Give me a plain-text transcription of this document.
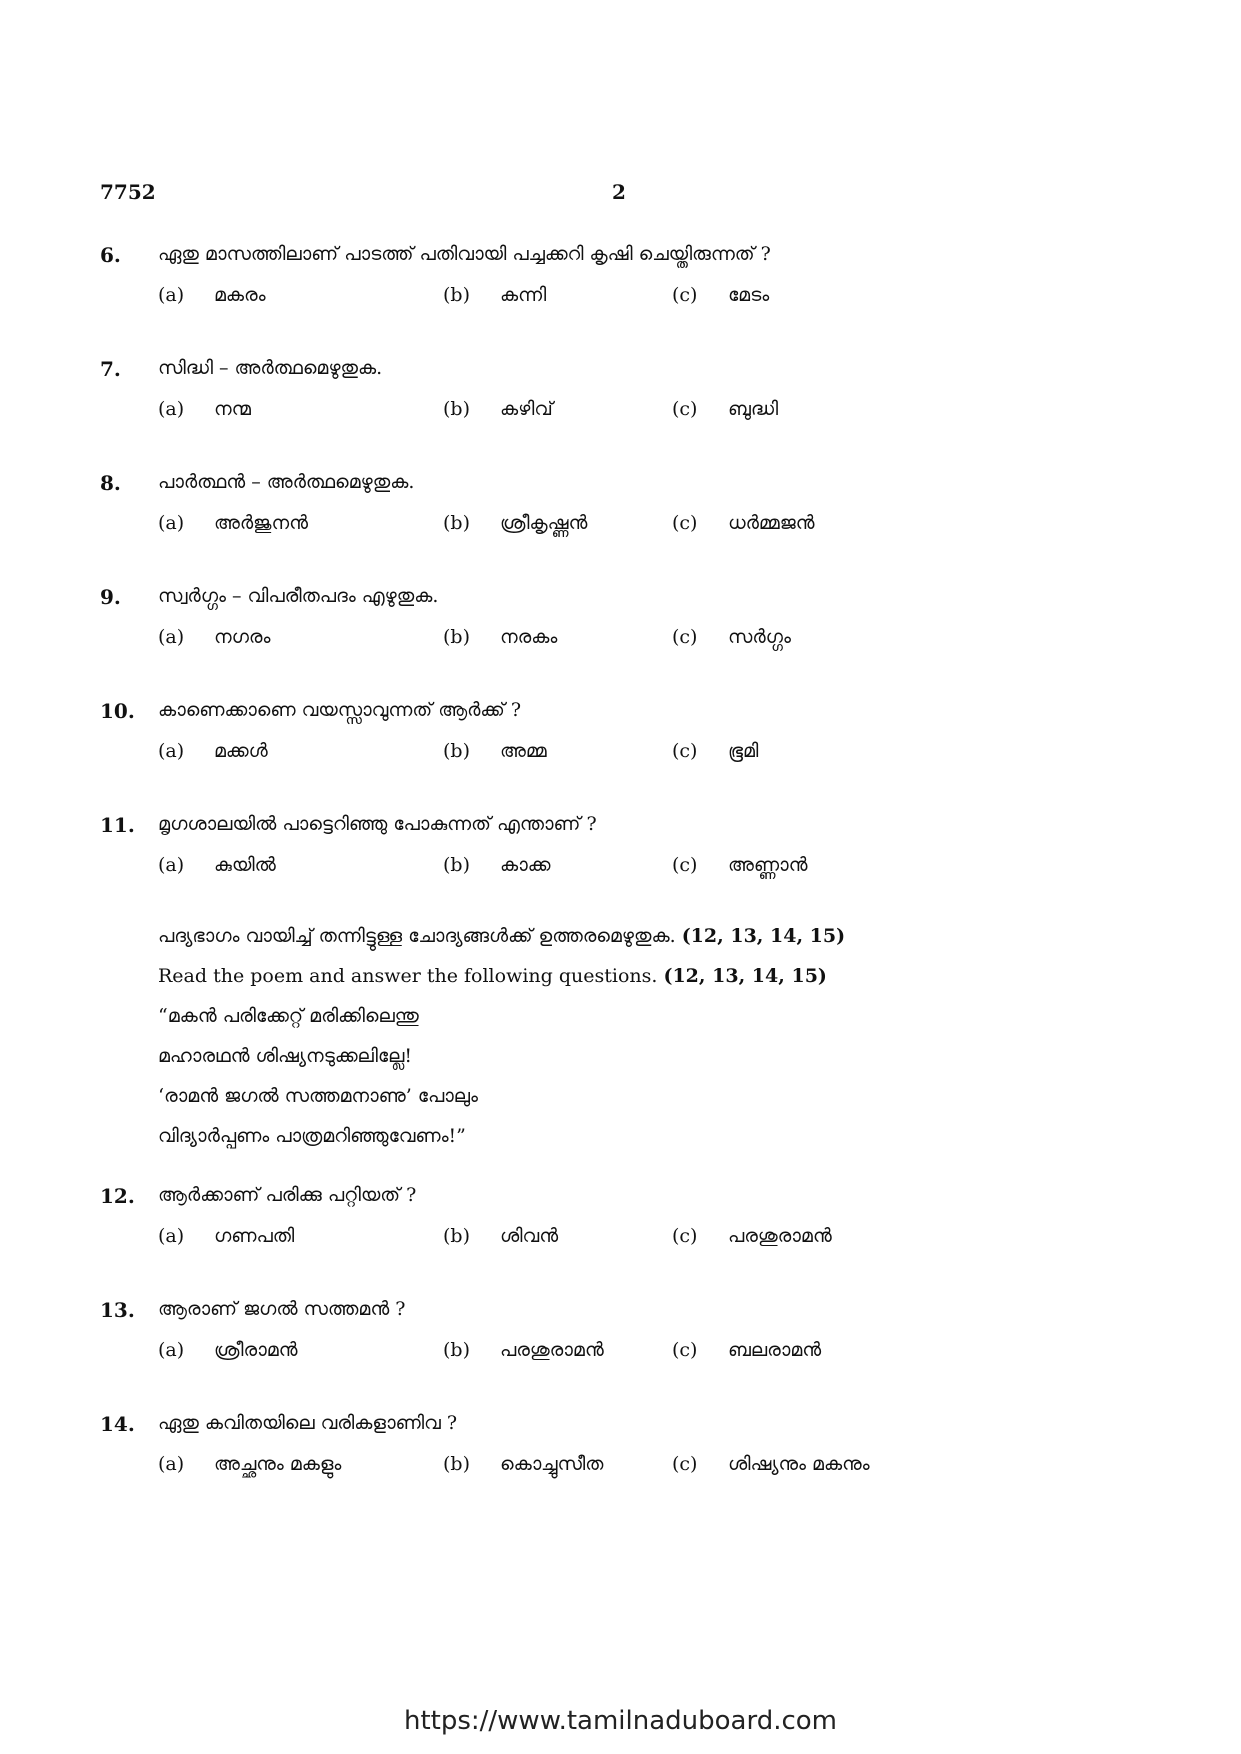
7752	2
6. ഏതു മാസത്തിലാണ് പാടത്ത് പതിവായി പച്ചക്കറി കൃഷി ചെയ്തിരുന്നത് ?
(a) മകരം	(b) കന്നി	(c) മേടം
7. സിദ്ധി – അർത്ഥമെഴുതുക.
(a) നന്മ	(b) കഴിവ്	(c) ബുദ്ധി
8. പാർത്ഥൻ – അർത്ഥമെഴുതുക.
(a) അർജുനൻ	(b) ശ്രീകൃഷ്ണൻ	(c) ധർമ്മജൻ
9. സ്വർഗ്ഗം – വിപരീതപദം എഴുതുക.
(a) നഗരം	(b) നരകം	(c) സർഗ്ഗം
10. കാണെക്കാണെ വയസ്സാവുന്നത് ആർക്ക് ?
(a) മക്കൾ	(b) അമ്മ	(c) ഭൂമി
11. മൃഗശാലയിൽ പാട്ടെറിഞ്ഞു പോകുന്നത് എന്താണ് ?
(a) കുയിൽ	(b) കാക്ക	(c) അണ്ണാൻ
പദ്യഭാഗം വായിച്ച് തന്നിട്ടുള്ള ചോദ്യങ്ങൾക്ക് ഉത്തരമെഴുതുക. (12, 13, 14, 15)
Read the poem and answer the following questions. (12, 13, 14, 15)
“മകൻ പരിക്കേറ്റ് മരിക്കിലെന്തു
മഹാരഥൻ ശിഷ്യനടുക്കലില്ലേ!
‘രാമൻ ജഗൽ സത്തമനാണു’ പോലും
വിദ്യാർപ്പണം പാത്രമറിഞ്ഞുവേണം!”
12. ആർക്കാണ് പരിക്കു പറ്റിയത് ?
(a) ഗണപതി	(b) ശിവൻ	(c) പരശുരാമൻ
13. ആരാണ് ജഗൽ സത്തമൻ ?
(a) ശ്രീരാമൻ	(b) പരശുരാമൻ	(c) ബലരാമൻ
14. ഏതു കവിതയിലെ വരികളാണിവ ?
(a) അച്ഛനും മകളും	(b) കൊച്ചുസീത	(c) ശിഷ്യനും മകനും
https://www.tamilnaduboard.com
